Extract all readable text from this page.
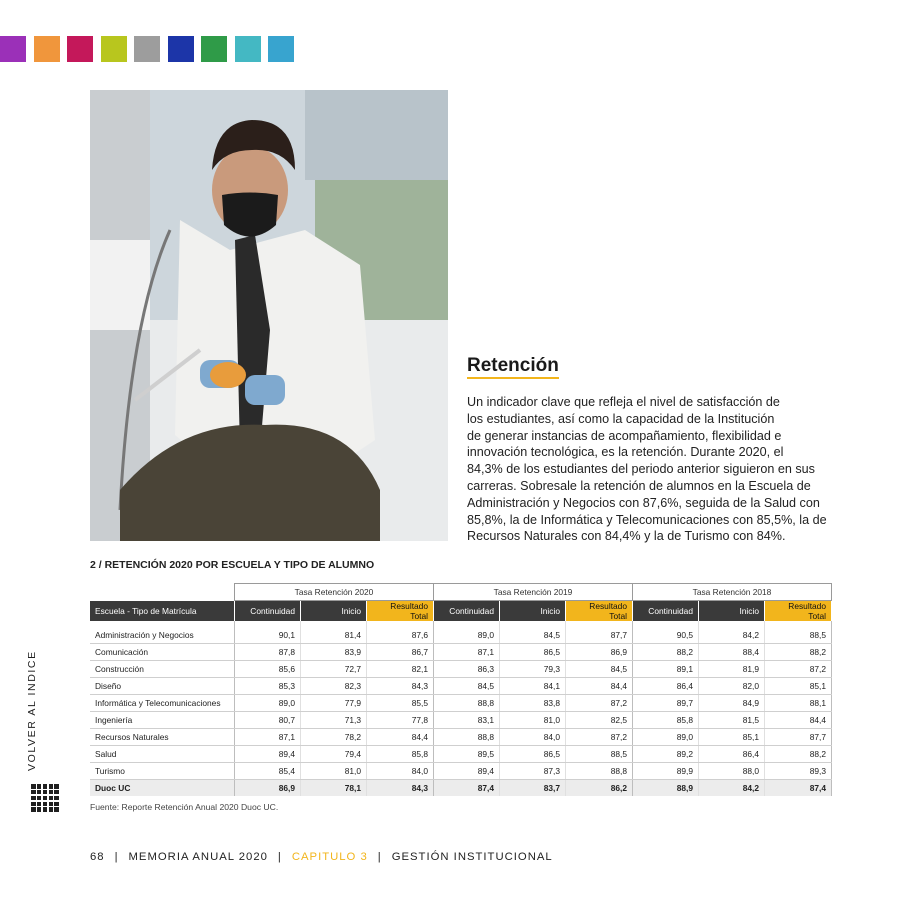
Retención
Un indicador clave que refleja el nivel de satisfacción de
los estudiantes, así como la capacidad de la Institución
de generar instancias de acompañamiento, flexibilidad e
innovación tecnológica, es la retención. Durante 2020, el
84,3% de los estudiantes del periodo anterior siguieron en sus
carreras. Sobresale la retención de alumnos en la Escuela de
Administración y Negocios con 87,6%, seguida de la Salud con
85,8%, la de Informática y Telecomunicaciones con 85,5%, la de
Recursos Naturales con 84,4% y la de Turismo con 84%.
2 / RETENCIÓN 2020 POR ESCUELA Y TIPO DE ALUMNO
	Tasa Retención 2020			Tasa Retención 2019			Tasa Retención 2018		
Escuela - Tipo de Matrícula	Continuidad	Inicio	Resultado Total	Continuidad	Inicio	Resultado Total	Continuidad	Inicio	Resultado Total

Administración y Negocios	90,1	81,4	87,6	89,0	84,5	87,7	90,5	84,2	88,5
Comunicación	87,8	83,9	86,7	87,1	86,5	86,9	88,2	88,4	88,2
Construcción	85,6	72,7	82,1	86,3	79,3	84,5	89,1	81,9	87,2
Diseño	85,3	82,3	84,3	84,5	84,1	84,4	86,4	82,0	85,1
Informática y Telecomunicaciones	89,0	77,9	85,5	88,8	83,8	87,2	89,7	84,9	88,1
Ingeniería	80,7	71,3	77,8	83,1	81,0	82,5	85,8	81,5	84,4
Recursos Naturales	87,1	78,2	84,4	88,8	84,0	87,2	89,0	85,1	87,7
Salud	89,4	79,4	85,8	89,5	86,5	88,5	89,2	86,4	88,2
Turismo	85,4	81,0	84,0	89,4	87,3	88,8	89,9	88,0	89,3
Duoc UC	86,9	78,1	84,3	87,4	83,7	86,2	88,9	84,2	87,4
Fuente: Reporte Retención Anual 2020 Duoc UC.
VOLVER AL INDICE
68 | MEMORIA ANUAL 2020 | CAPITULO 3 | GESTIÓN INSTITUCIONAL
